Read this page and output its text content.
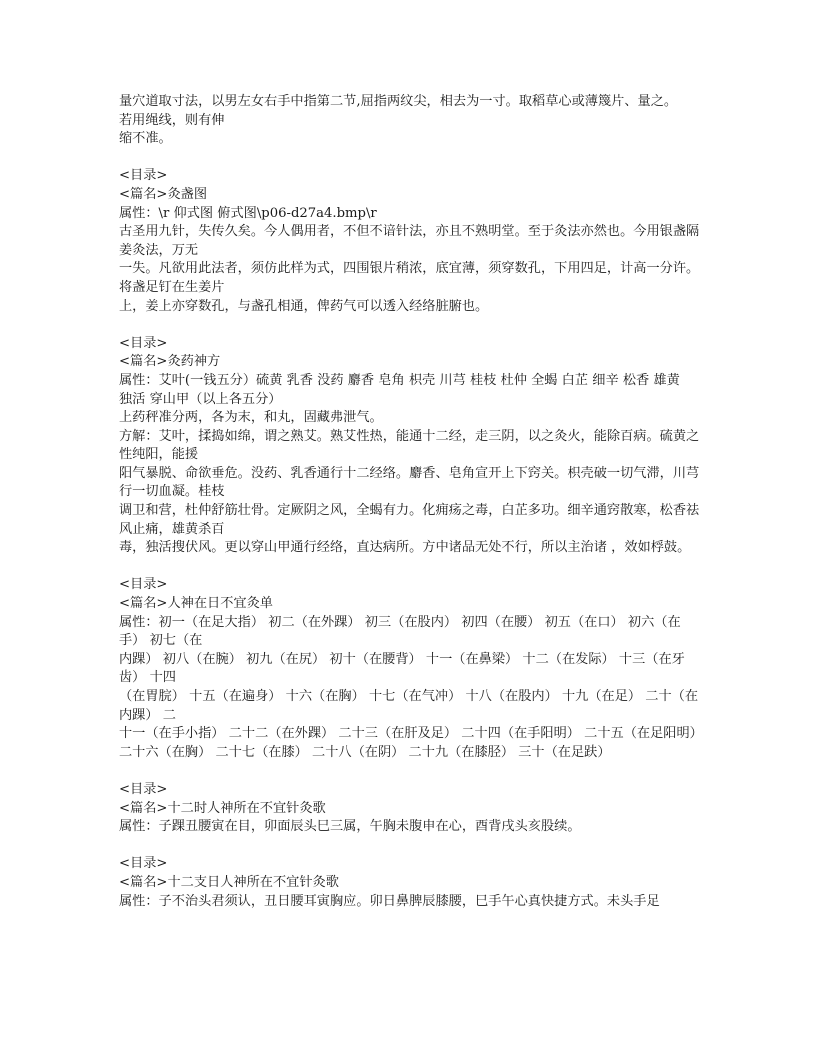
量穴道取寸法，以男左女右手中指第二节,屈指两纹尖，相去为一寸。取稻草心或薄篾片、量之。
若用绳线，则有伸
缩不准。
<目录>
<篇名>灸盏图
属性：\r 仰式图 俯式图\p06-d27a4.bmp\r
古圣用九针，失传久矣。今人偶用者，不但不谙针法，亦且不熟明堂。至于灸法亦然也。今用银盏隔姜灸法，万无
一失。凡欲用此法者，须仿此样为式，四围银片稍浓，底宜薄，须穿数孔，下用四足，计高一分许。将盏足钉在生姜片
上，姜上亦穿数孔，与盏孔相通，俾药气可以透入经络脏腑也。
<目录>
<篇名>灸药神方
属性：艾叶(一钱五分）硫黄 乳香 没药 麝香 皂角 枳壳 川芎 桂枝 杜仲 全蝎 白芷 细辛 松香 雄黄
独活 穿山甲（以上各五分）
上药秤准分两，各为末，和丸，固藏弗泄气。
方解：艾叶，揉捣如绵，谓之熟艾。熟艾性热，能通十二经，走三阴，以之灸火，能除百病。硫黄之性纯阳，能援
阳气暴脱、命欲垂危。没药、乳香通行十二经络。麝香、皂角宣开上下窍关。枳壳破一切气滞，川芎行一切血凝。桂枝
调卫和营，杜仲舒筋壮骨。定厥阴之风，全蝎有力。化痈疡之毒，白芷多功。细辛通窍散寒，松香祛风止痛，雄黄杀百
毒，独活搜伏风。更以穿山甲通行经络，直达病所。方中诸品无处不行，所以主治诸 ，效如桴鼓。
<目录>
<篇名>人神在日不宜灸单
属性：初一（在足大指） 初二（在外踝） 初三（在股内） 初四（在腰） 初五（在口） 初六（在手） 初七（在
内踝） 初八（在腕） 初九（在尻） 初十（在腰背） 十一（在鼻梁） 十二（在发际） 十三（在牙齿） 十四
（在胃脘） 十五（在遍身） 十六（在胸） 十七（在气冲） 十八（在股内） 十九（在足） 二十（在内踝） 二
十一（在手小指） 二十二（在外踝） 二十三（在肝及足） 二十四（在手阳明） 二十五（在足阳明）
二十六（在胸） 二十七（在膝） 二十八（在阴） 二十九（在膝胫） 三十（在足趺）
<目录>
<篇名>十二时人神所在不宜针灸歌
属性：子踝丑腰寅在目，卯面辰头巳三属，午胸未腹申在心，酉背戌头亥股续。
<目录>
<篇名>十二支日人神所在不宜针灸歌
属性：子不治头君须认，丑日腰耳寅胸应。卯日鼻脾辰膝腰，巳手午心真快捷方式。未头手足
